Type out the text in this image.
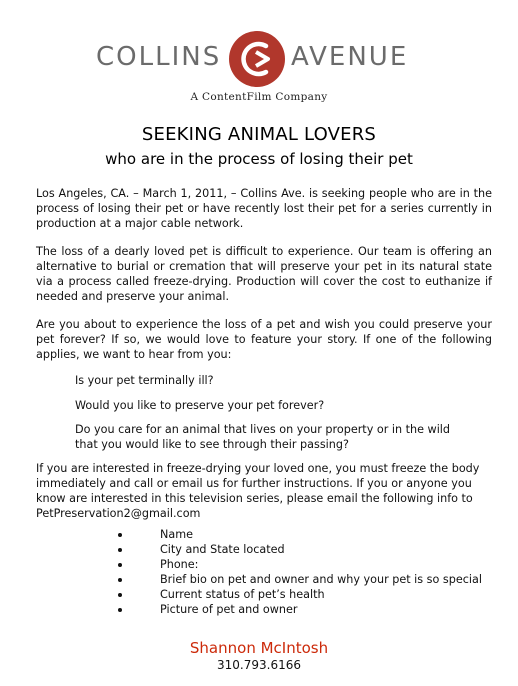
COLLINS	AVENUE
A ContentFilm Company
SEEKING ANIMAL LOVERS
who are in the process of losing their pet

Los Angeles, CA. – March 1, 2011, – Collins Ave. is seeking people who are in the process of losing their pet or have recently lost their pet for a series currently in production at a major cable network.

The loss of a dearly loved pet is difficult to experience. Our team is offering an alternative to burial or cremation that will preserve your pet in its natural state via a process called freeze-drying. Production will cover the cost to euthanize if needed and preserve your animal.

Are you about to experience the loss of a pet and wish you could preserve your pet forever? If so, we would love to feature your story. If one of the following applies, we want to hear from you:

Is your pet terminally ill?

Would you like to preserve your pet forever?

Do you care for an animal that lives on your property or in the wild that you would like to see through their passing?

If you are interested in freeze-drying your loved one, you must freeze the body immediately and call or email us for further instructions. If you or anyone you know are interested in this television series, please email the following info to PetPreservation2@gmail.com

Name
City and State located
Phone:
Brief bio on pet and owner and why your pet is so special
Current status of pet’s health
Picture of pet and owner
Shannon McIntosh
310.793.6166
